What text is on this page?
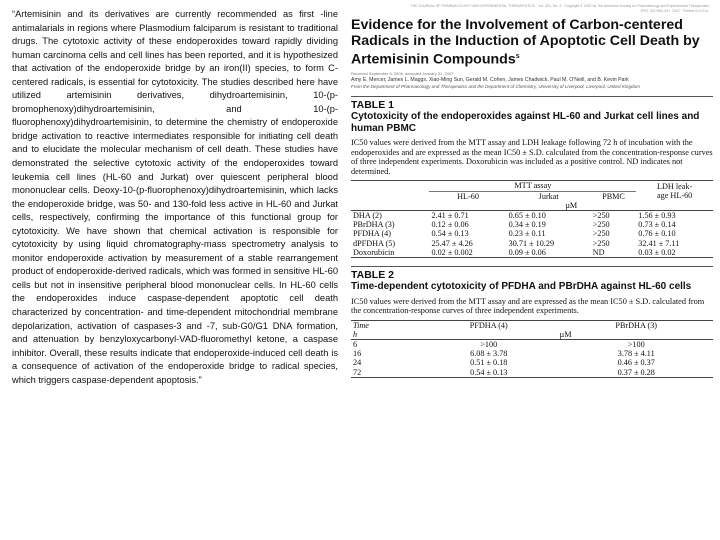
“Artemisinin and its derivatives are currently recommended as first -line antimalarials in regions where Plasmodium falciparum is resistant to traditional drugs. The cytotoxic activity of these endoperoxides toward rapidly dividing human carcinoma cells and cell lines has been reported, and it is hypothesized that activation of the endoperoxide bridge by an iron(II) species, to form C-centered radicals, is essential for cytotoxicity. The studies described here have utilized artemisinin derivatives, dihydroartemisinin, 10-(p-bromophenoxy)dihydroartemisinin, and 10-(p-fluorophenoxy)dihydroartemisinin, to determine the chemistry of endoperoxide bridge activation to reactive intermediates responsible for initiating cell death and to elucidate the molecular mechanism of cell death. These studies have demonstrated the selective cytotoxic activity of the endoperoxides toward leukemia cell lines (HL-60 and Jurkat) over quiescent peripheral blood mononuclear cells. Deoxy-10-(p-fluorophenoxy)dihydroartemisinin, which lacks the endoperoxide bridge, was 50- and 130-fold less active in HL-60 and Jurkat cells, respectively, confirming the importance of this functional group for cytotoxicity. We have shown that chemical activation is responsible for cytotoxicity by using liquid chromatography-mass spectrometry analysis to monitor endoperoxide activation by measurement of a stable rearrangement product of endoperoxide-derived radicals, which was formed in sensitive HL-60 cells but not in insensitive peripheral blood mononuclear cells. In HL-60 cells the endoperoxides induce caspase-dependent apoptotic cell death characterized by concentration- and time-dependent mitochondrial membrane depolarization, activation of caspases-3 and -7, sub-G0/G1 DNA formation, and attenuation by benzyloxycarbonyl-VAD-fluoromethyl ketone, a caspase inhibitor. Overall, these results indicate that endoperoxide-induced cell death is a consequence of activation of the endoperoxide bridge to radical species, which triggers caspase-dependent apoptosis.”

THE JOURNAL OF PHARMACOLOGY AND EXPERIMENTAL THERAPEUTICS · Vol. 321, No. 2 · Copyright © 2007 by The American Society for Pharmacology and Experimental Therapeutics
JPET 321:509–517, 2007 · Printed in U.S.A.
Evidence for the Involvement of Carbon-centered Radicals in the Induction of Apoptotic Cell Death by Artemisinin Compounds$^s$
Received September 5, 2006; accepted January 31, 2007
Amy E. Mercer, James L. Maggs, Xiao-Ming Sun, Gerald M. Cohen, James Chadwick, Paul M. O'Neill, and B. Kevin Park
From the Department of Pharmacology and Therapeutics and the Department of Chemistry, University of Liverpool, Liverpool, United Kingdom
TABLE 1
Cytotoxicity of the endoperoxides against HL-60 and Jurkat cell lines and human PBMC
IC50 values were derived from the MTT assay and LDH leakage following 72 h of incubation with the endoperoxides and are expressed as the mean IC50 ± S.D. calculated from the concentration-response curves of three independent experiments. Doxorubicin was included as a positive control. ND indicates not determined.
	MTT assay			LDH leak-
	HL-60	Jurkat	PBMC	age HL-60
	µM			
DHA (2)	2.41 ± 0.71	0.65 ± 0.10	>250	1.56 ± 0.93
PBrDHA (3)	0.12 ± 0.06	0.34 ± 0.19	>250	0.73 ± 0.14
PFDHA (4)	0.54 ± 0.13	0.23 ± 0.11	>250	0.76 ± 0.10
dPFDHA (5)	25.47 ± 4.26	30.71 ± 10.29	>250	32.41 ± 7.11
Doxorubicin	0.02 ± 0.002	0.09 ± 0.06	ND	0.03 ± 0.02
TABLE 2
Time-dependent cytotoxicity of PFDHA and PBrDHA against HL-60 cells
IC50 values were derived from the MTT assay and are expressed as the mean IC50 ± S.D. calculated from the concentration-response curves of three independent experiments.
Time	PFDHA (4)	PBrDHA (3)
h	µM	
6	>100	>100
16	6.08 ± 3.78	3.78 ± 4.11
24	0.51 ± 0.18	0.46 ± 0.37
72	0.54 ± 0.13	0.37 ± 0.28
